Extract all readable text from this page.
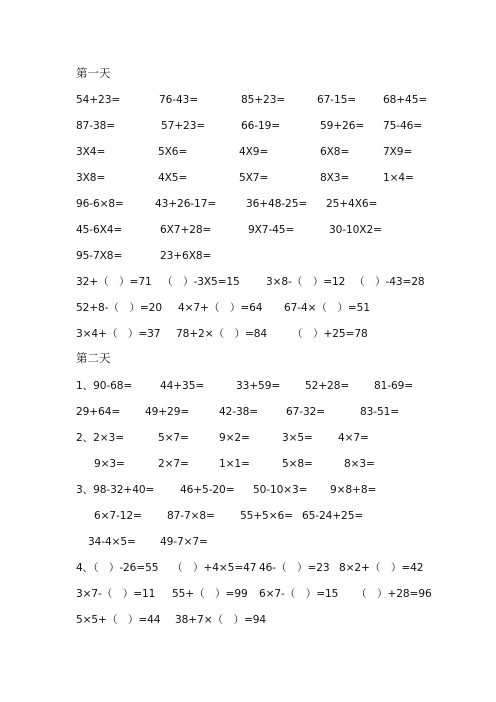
第一天
54+23=	76-43=	85+23=	67-15=	68+45=
87-38=	57+23=	66-19=	59+26= 75-46=
3X4=	5X6=	4X9=	6X8=	7X9=
3X8=	4X5=	5X7=	8X3=	1×4=
96-6×8=	43+26-17=	36+48-25= 25+4X6=
45-6X4=	6X7+28=	9X7-45=	30-10X2=
95-7X8=	23+6X8=
32+（　）=71 （　）-3X5=15 3×8-（　）=12 （　）-43=28
52+8-（　）=20 4×7+（　）=64 67-4×（　）=51
3×4+（　）=37 78+2×（　）=84 （　）+25=78
第二天
1、90-68=	44+35=	33+59= 52+28= 81-69=
29+64= 49+29=	42-38=	67-32=	83-51=
2、2×3=	5×7=	9×2=	3×5= 4×7=
9×3=	2×7=	1×1=	5×8=	8×3=
3、98-32+40= 46+5-20= 50-10×3= 9×8+8=
6×7-12= 87-7×8= 55+5×6= 65-24+25=
34-4×5= 49-7×7=
4、（　）-26=55 （　）+4×5=47 46-（　）=23 8×2+（　）=42
3×7-（　）=11 55+（　）=99 6×7-（　）=15 （　）+28=96
5×5+（　）=44 38+7×（　）=94
